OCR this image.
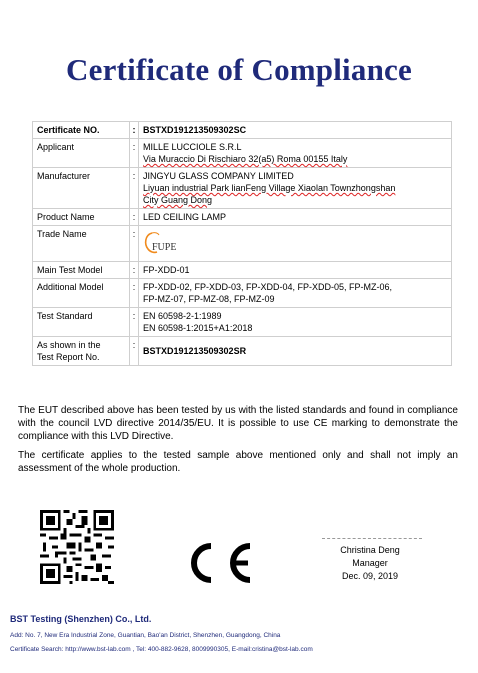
Certificate of Compliance
Certificate NO.	:	BSTXD191213509302SC
Applicant	:	MILLE LUCCIOLE S.R.L
Via Muraccio Di Rischiaro 32(a5) Roma 00155 Italy

Manufacturer	:	JINGYU GLASS COMPANY LIMITED
Liyuan industrial Park lianFeng Village Xiaolan Townzhongshan
City Guang Dong

Product Name	:	LED CEILING LAMP
Trade Name	:	FUPE

Main Test Model	:	FP-XDD-01
Additional Model	:	FP-XDD-02, FP-XDD-03, FP-XDD-04, FP-XDD-05, FP-MZ-06,
FP-MZ-07, FP-MZ-08, FP-MZ-09

Test Standard	:	EN 60598-2-1:1989
EN 60598-1:2015+A1:2018

As shown in the
Test Report No.	:	BSTXD191213509302SR
The EUT described above has been tested by us with the listed standards and found in compliance with the council LVD directive 2014/35/EU. It is possible to use CE marking to demonstrate the compliance with this LVD Directive.
The certificate applies to the tested sample above mentioned only and shall not imply an assessment of the whole production.
Christina Deng
Manager
Dec. 09, 2019
BST Testing (Shenzhen) Co., Ltd.
Add: No. 7, New Era Industrial Zone, Guantian, Bao'an District, Shenzhen, Guangdong, China
Certificate Search: http://www.bst-lab.com , Tel: 400-882-9628, 8009990305, E-mail:cristina@bst-lab.com
